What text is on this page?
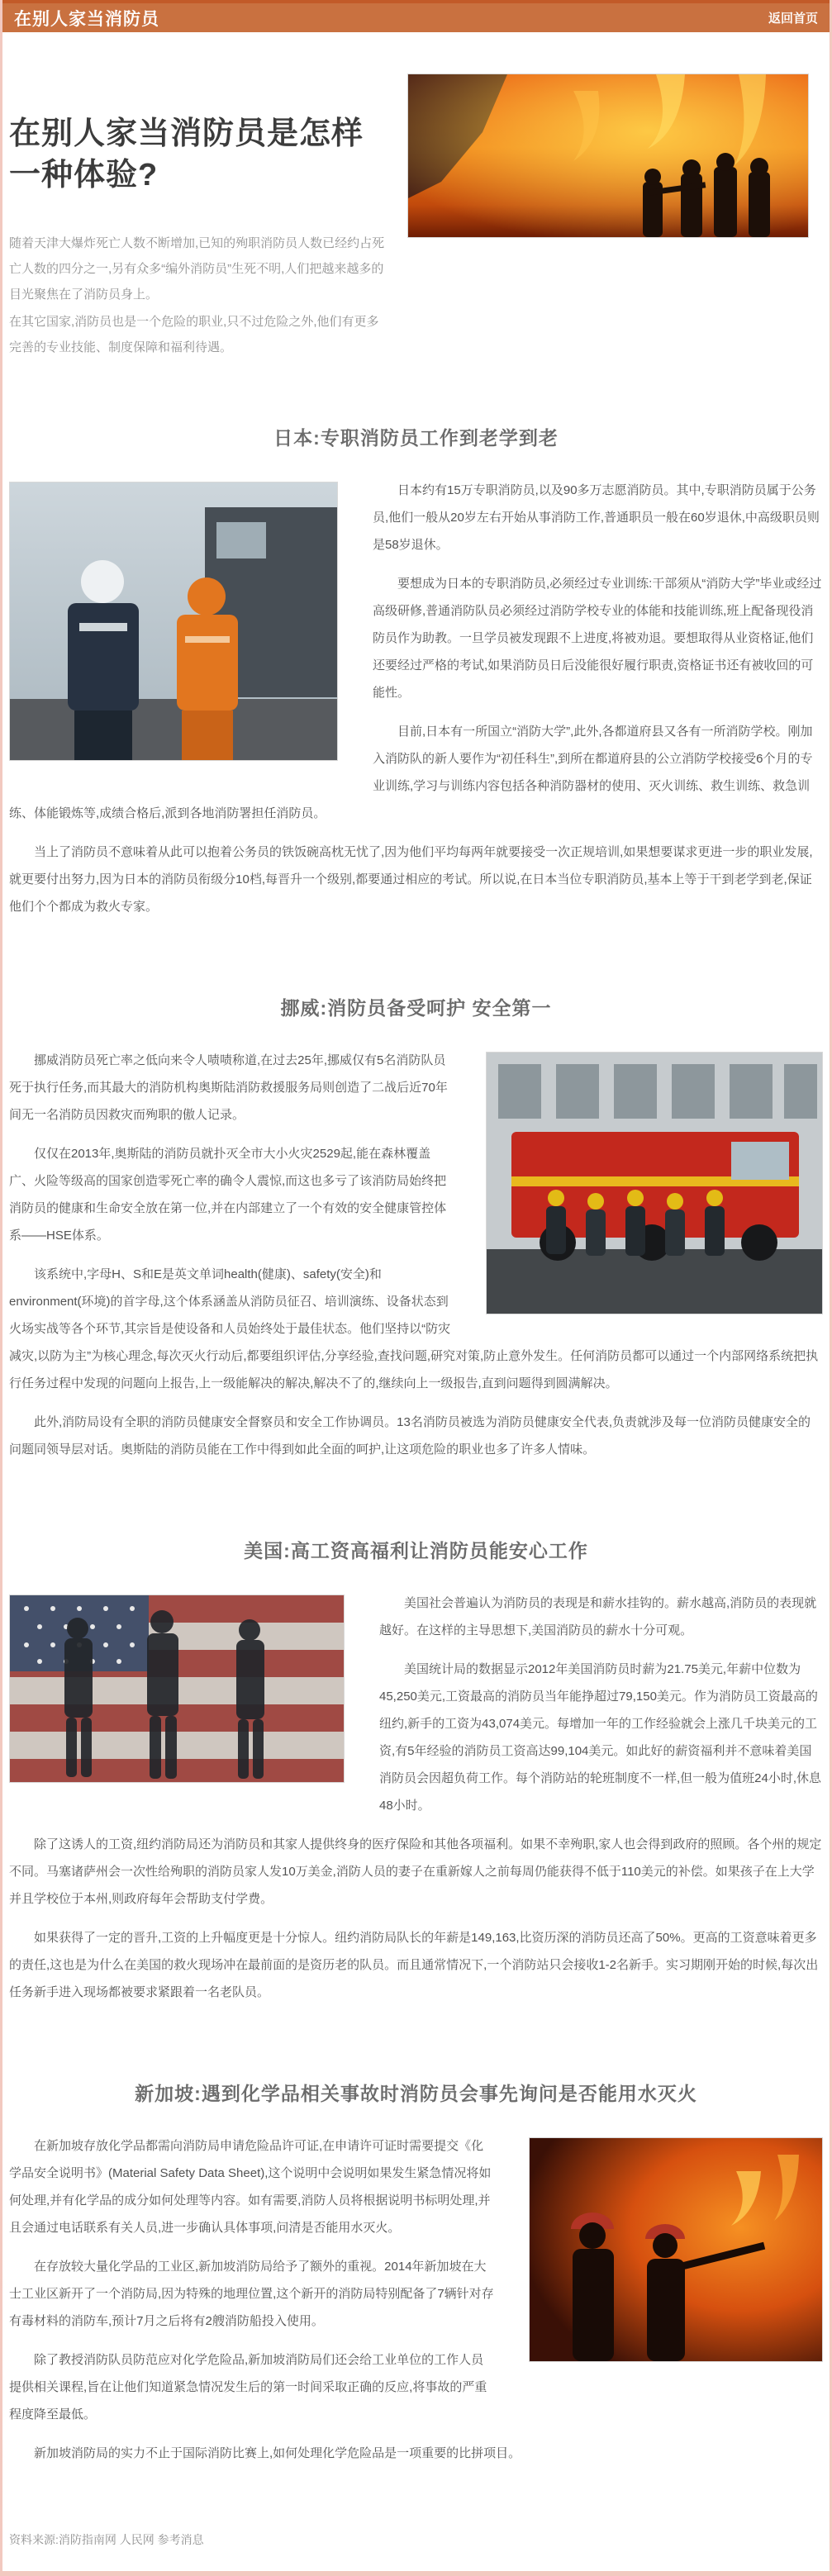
在别人家当消防员	返回首页
在别人家当消防员是怎样一种体验?

随着天津大爆炸死亡人数不断增加,已知的殉职消防员人数已经约占死亡人数的四分之一,另有众多“编外消防员”生死不明,人们把越来越多的目光聚焦在了消防员身上。

在其它国家,消防员也是一个危险的职业,只不过危险之外,他们有更多完善的专业技能、制度保障和福利待遇。

日本:专职消防员工作到老学到老

日本约有15万专职消防员,以及90多万志愿消防员。其中,专职消防员属于公务员,他们一般从20岁左右开始从事消防工作,普通职员一般在60岁退休,中高级职员则是58岁退休。

要想成为日本的专职消防员,必须经过专业训练:干部须从“消防大学”毕业或经过高级研修,普通消防队员必须经过消防学校专业的体能和技能训练,班上配备现役消防员作为助教。一旦学员被发现跟不上进度,将被劝退。要想取得从业资格证,他们还要经过严格的考试,如果消防员日后没能很好履行职责,资格证书还有被收回的可能性。

目前,日本有一所国立“消防大学”,此外,各都道府县又各有一所消防学校。刚加入消防队的新人要作为“初任科生”,到所在都道府县的公立消防学校接受6个月的专业训练,学习与训练内容包括各种消防器材的使用、灭火训练、救生训练、救急训练、体能锻炼等,成绩合格后,派到各地消防署担任消防员。

当上了消防员不意味着从此可以抱着公务员的铁饭碗高枕无忧了,因为他们平均每两年就要接受一次正规培训,如果想要谋求更进一步的职业发展,就更要付出努力,因为日本的消防员衔级分10档,每晋升一个级别,都要通过相应的考试。所以说,在日本当位专职消防员,基本上等于干到老学到老,保证他们个个都成为救火专家。

挪威:消防员备受呵护 安全第一

挪威消防员死亡率之低向来令人啧啧称道,在过去25年,挪威仅有5名消防队员死于执行任务,而其最大的消防机构奥斯陆消防救援服务局则创造了二战后近70年间无一名消防员因救灾而殉职的傲人记录。

仅仅在2013年,奥斯陆的消防员就扑灭全市大小火灾2529起,能在森林覆盖广、火险等级高的国家创造零死亡率的确令人震惊,而这也多亏了该消防局始终把消防员的健康和生命安全放在第一位,并在内部建立了一个有效的安全健康管控体系——HSE体系。

该系统中,字母H、S和E是英文单词health(健康)、safety(安全)和environment(环境)的首字母,这个体系涵盖从消防员征召、培训演练、设备状态到火场实战等各个环节,其宗旨是使设备和人员始终处于最佳状态。他们坚持以“防灾减灾,以防为主”为核心理念,每次灭火行动后,都要组织评估,分享经验,查找问题,研究对策,防止意外发生。任何消防员都可以通过一个内部网络系统把执行任务过程中发现的问题向上报告,上一级能解决的解决,解决不了的,继续向上一级报告,直到问题得到圆满解决。

此外,消防局设有全职的消防员健康安全督察员和安全工作协调员。13名消防员被选为消防员健康安全代表,负责就涉及每一位消防员健康安全的问题同领导层对话。奥斯陆的消防员能在工作中得到如此全面的呵护,让这项危险的职业也多了许多人情味。

美国:高工资高福利让消防员能安心工作

美国社会普遍认为消防员的表现是和薪水挂钩的。薪水越高,消防员的表现就越好。在这样的主导思想下,美国消防员的薪水十分可观。

美国统计局的数据显示2012年美国消防员时薪为21.75美元,年薪中位数为45,250美元,工资最高的消防员当年能挣超过79,150美元。作为消防员工资最高的纽约,新手的工资为43,074美元。每增加一年的工作经验就会上涨几千块美元的工资,有5年经验的消防员工资高达99,104美元。如此好的薪资福利并不意味着美国消防员会因超负荷工作。每个消防站的轮班制度不一样,但一般为值班24小时,休息48小时。

除了这诱人的工资,纽约消防局还为消防员和其家人提供终身的医疗保险和其他各项福利。如果不幸殉职,家人也会得到政府的照顾。各个州的规定不同。马塞诸萨州会一次性给殉职的消防员家人发10万美金,消防人员的妻子在重新嫁人之前每周仍能获得不低于110美元的补偿。如果孩子在上大学并且学校位于本州,则政府每年会帮助支付学费。

如果获得了一定的晋升,工资的上升幅度更是十分惊人。纽约消防局队长的年薪是149,163,比资历深的消防员还高了50%。更高的工资意味着更多的责任,这也是为什么在美国的救火现场冲在最前面的是资历老的队员。而且通常情况下,一个消防站只会接收1-2名新手。实习期刚开始的时候,每次出任务新手进入现场都被要求紧跟着一名老队员。

新加坡:遇到化学品相关事故时消防员会事先询问是否能用水灭火

在新加坡存放化学品都需向消防局申请危险品许可证,在申请许可证时需要提交《化学品安全说明书》(Material Safety Data Sheet),这个说明中会说明如果发生紧急情况将如何处理,并有化学品的成分如何处理等内容。如有需要,消防人员将根据说明书标明处理,并且会通过电话联系有关人员,进一步确认具体事项,问清是否能用水灭火。

在存放较大量化学品的工业区,新加坡消防局给予了额外的重视。2014年新加坡在大士工业区新开了一个消防局,因为特殊的地理位置,这个新开的消防局特别配备了7辆针对存有毒材料的消防车,预计7月之后将有2艘消防船投入使用。

除了教授消防队员防范应对化学危险品,新加坡消防局们还会给工业单位的工作人员提供相关课程,旨在让他们知道紧急情况发生后的第一时间采取正确的反应,将事故的严重程度降至最低。

新加坡消防局的实力不止于国际消防比赛上,如何处理化学危险品是一项重要的比拼项目。

资料来源:消防指南网 人民网 参考消息
